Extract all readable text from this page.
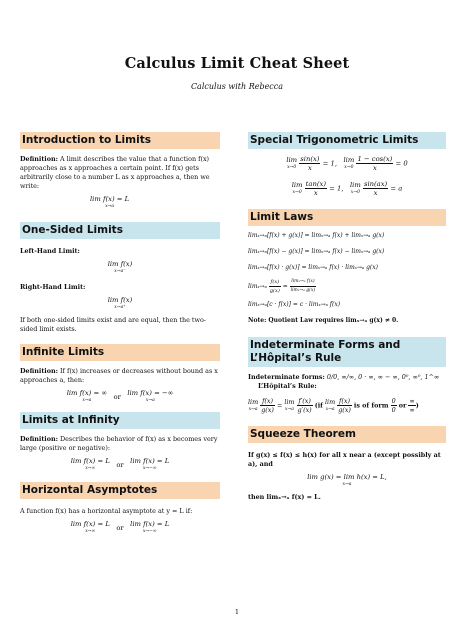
Calculus Limit Cheat Sheet
Calculus with Rebecca
Introduction to Limits
Definition: A limit describes the value that a function f(x) approaches as x approaches a certain point. If f(x) gets arbitrarily close to a number L as x approaches a, then we write:
lim f(x) = L
x→a
One-Sided Limits
Left-Hand Limit:
lim f(x)
x→a⁻
Right-Hand Limit:
lim f(x)
x→a⁺
If both one-sided limits exist and are equal, then the two-sided limit exists.
Infinite Limits
Definition: If f(x) increases or decreases without bound as x approaches a, then:
lim f(x) = ∞
x→a	or lim f(x) = −∞
x→a
Limits at Infinity
Definition: Describes the behavior of f(x) as x becomes very large (positive or negative):
lim f(x) = L
x→∞	or lim f(x) = L
x→−∞
Horizontal Asymptotes
A function f(x) has a horizontal asymptote at y = L if:
lim f(x) = L
x→∞	or lim f(x) = L
x→−∞
Special Trigonometric Limits
lim
x→0
$\frac{\sin(x)}{x} = 1$, lim
x→0
$\frac{1 - \cos(x)}{x} = 0$
lim
x→0
$\frac{\tan(x)}{x} = 1$, lim
x→0
$\frac{\sin(ax)}{x} = a$
Limit Laws
limₓ→ₐ[f(x) + g(x)] = limₓ→ₐ f(x) + limₓ→ₐ g(x)
limₓ→ₐ[f(x) − g(x)] = limₓ→ₐ f(x) − limₓ→ₐ g(x)
limₓ→ₐ[f(x) · g(x)] = limₓ→ₐ f(x) · limₓ→ₐ g(x)
$\lim_x\to_a \frac{f(x)}{g(x)} = \frac{\text{limₓ→ₐ f(x)}}{\text{limₓ→ₐ g(x)}}$
limₓ→ₐ[c · f(x)] = c · limₓ→ₐ f(x)
Note: Quotient Law requires limₓ→ₐ g(x) ≠ 0.
Indeterminate Forms and L’Hôpital’s Rule
Indeterminate forms: 0/0, ∞/∞, 0 · ∞, ∞ − ∞, 0⁰, ∞⁰, 1^∞
L’Hôpital’s Rule:
lim
x→a
$\frac{f(x)}{g(x)} = \lim$
x→a
$\frac{f'(x)}{g'(x)} (if$ lim
x→a
$\frac{f(x)}{g(x)}$ is of form $\frac{0}{0}$ or $\frac{\infty}{\infty}$ )
Squeeze Theorem
If g(x) ≤ f(x) ≤ h(x) for all x near a (except possibly at a), and
lim g(x) = lim h(x) = L,
x→a
then limₓ→ₐ f(x) = L.
1
